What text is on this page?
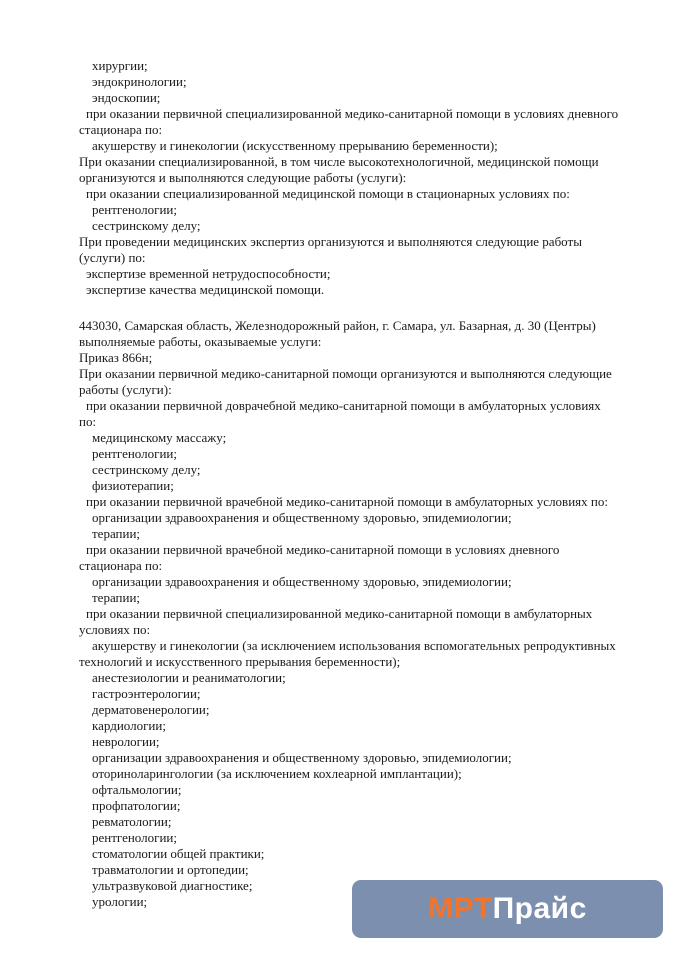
хирургии;

эндокринологии;

эндоскопии;

при оказании первичной специализированной медико-санитарной помощи в условиях дневного

стационара по:

акушерству и гинекологии (искусственному прерыванию беременности);

При оказании специализированной, в том числе высокотехнологичной, медицинской помощи

организуются и выполняются следующие работы (услуги):

при оказании специализированной медицинской помощи в стационарных условиях по:

рентгенологии;

сестринскому делу;

При проведении медицинских экспертиз организуются и выполняются следующие работы

(услуги) по:

экспертизе временной нетрудоспособности;

экспертизе качества медицинской помощи.

443030, Самарская область, Железнодорожный район, г. Самара, ул. Базарная, д. 30 (Центры)

выполняемые работы, оказываемые услуги:

Приказ 866н;

При оказании первичной медико-санитарной помощи организуются и выполняются следующие

работы (услуги):

при оказании первичной доврачебной медико-санитарной помощи в амбулаторных условиях

по:

медицинскому массажу;

рентгенологии;

сестринскому делу;

физиотерапии;

при оказании первичной врачебной медико-санитарной помощи в амбулаторных условиях по:

организации здравоохранения и общественному здоровью, эпидемиологии;

терапии;

при оказании первичной врачебной медико-санитарной помощи в условиях дневного

стационара по:

организации здравоохранения и общественному здоровью, эпидемиологии;

терапии;

при оказании первичной специализированной медико-санитарной помощи в амбулаторных

условиях по:

акушерству и гинекологии (за исключением использования вспомогательных репродуктивных

технологий и искусственного прерывания беременности);

анестезиологии и реаниматологии;

гастроэнтерологии;

дерматовенерологии;

кардиологии;

неврологии;

организации здравоохранения и общественному здоровью, эпидемиологии;

оториноларингологии (за исключением кохлеарной имплантации);

офтальмологии;

профпатологии;

ревматологии;

рентгенологии;

стоматологии общей практики;

травматологии и ортопедии;

ультразвуковой диагностике;

урологии;	МРТ Прайс
